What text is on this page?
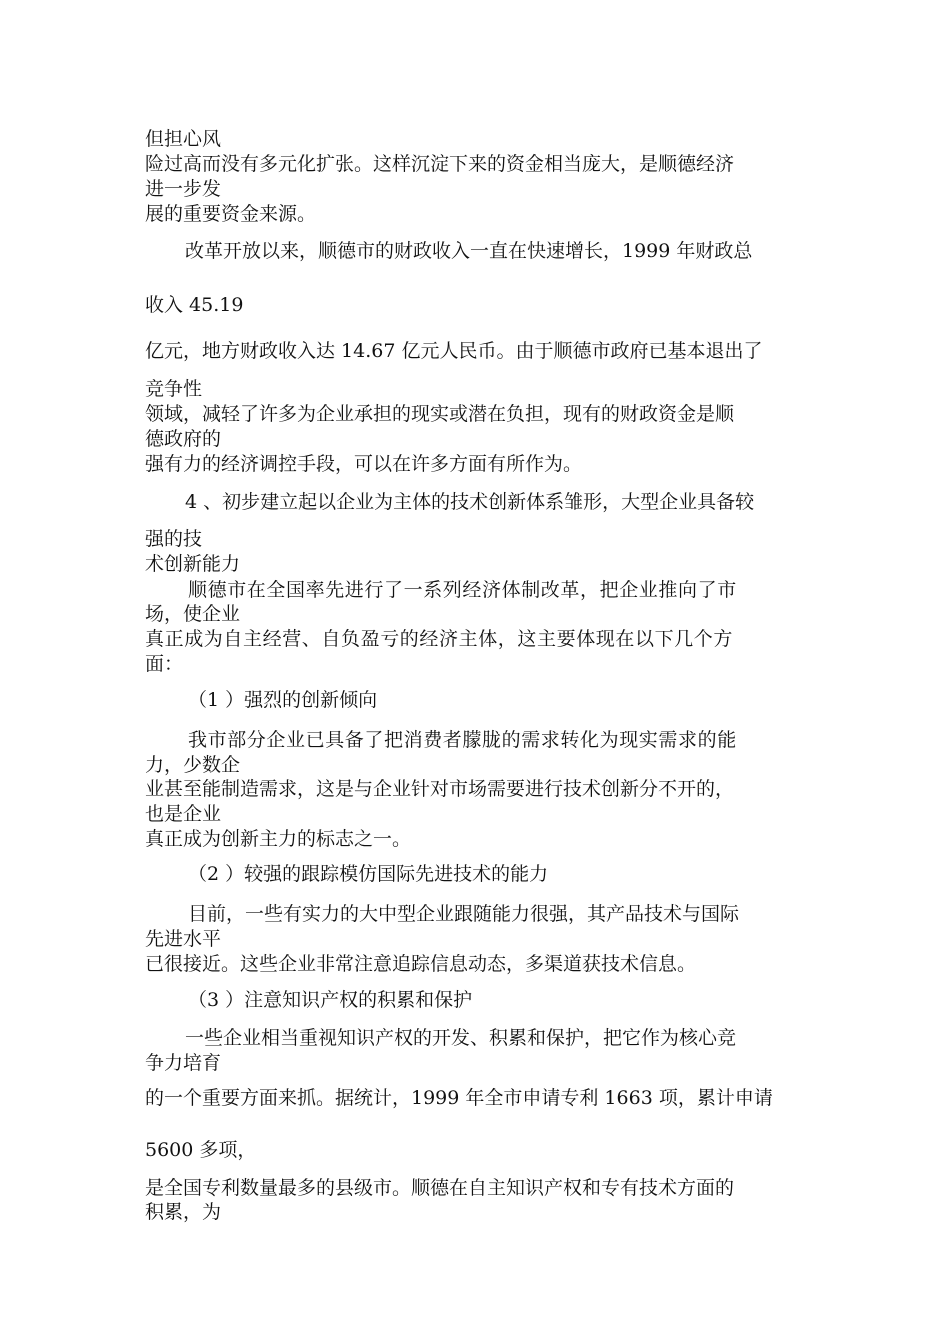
但担心风
险过高而没有多元化扩张。这样沉淀下来的资金相当庞大，是顺德经济
进一步发
展的重要资金来源。
改革开放以来，顺德市的财政收入一直在快速增长，1999 年财政总
收入 45.19
亿元，地方财政收入达 14.67 亿元人民币。由于顺德市政府已基本退出了
竞争性
领域，减轻了许多为企业承担的现实或潜在负担，现有的财政资金是顺
德政府的
强有力的经济调控手段，可以在许多方面有所作为。
4 、初步建立起以企业为主体的技术创新体系雏形，大型企业具备较
强的技
术创新能力
顺德市在全国率先进行了一系列经济体制改革，把企业推向了市
场，使企业
真正成为自主经营、自负盈亏的经济主体，这主要体现在以下几个方
面：
（1 ）强烈的创新倾向
我市部分企业已具备了把消费者朦胧的需求转化为现实需求的能
力，少数企
业甚至能制造需求，这是与企业针对市场需要进行技术创新分不开的，
也是企业
真正成为创新主力的标志之一。
（2 ）较强的跟踪模仿国际先进技术的能力
目前，一些有实力的大中型企业跟随能力很强，其产品技术与国际
先进水平
已很接近。这些企业非常注意追踪信息动态，多渠道获技术信息。
（3 ）注意知识产权的积累和保护
一些企业相当重视知识产权的开发、积累和保护，把它作为核心竞
争力培育
的一个重要方面来抓。据统计，1999 年全市申请专利 1663 项，累计申请
5600 多项，
是全国专利数量最多的县级市。顺德在自主知识产权和专有技术方面的
积累，为
